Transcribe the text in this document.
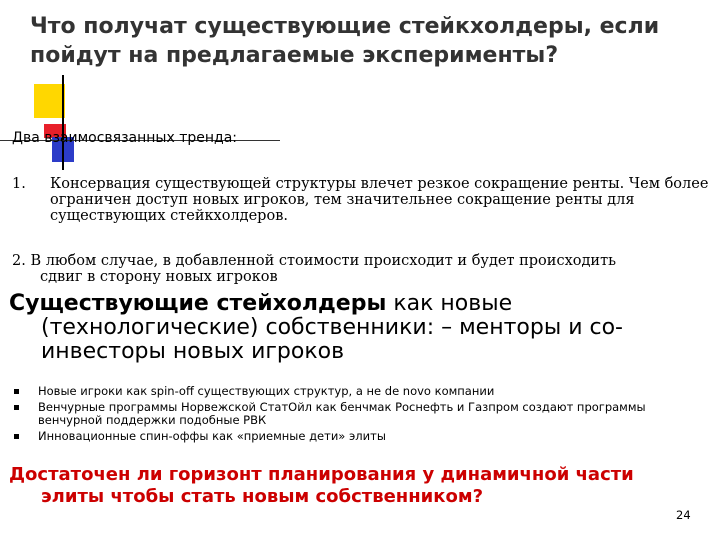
Что получат существующие стейкхолдеры, если пойдут на предлагаемые эксперименты?

Два взаимосвязанных тренда:

1. Консервация существующей структуры влечет резкое сокращение ренты. Чем более ограничен доступ новых игроков, тем значительнее сокращение ренты для существующих стейкхолдеров.
2. В любом случае, в добавленной стоимости происходит и будет происходить
сдвиг в сторону новых игроков

Существующие стейхолдеры как новые
(технологические) собственники: – менторы и со-инвесторы новых игроков

Новые игроки как spin-off существующих структур, а не de novo компании
Венчурные программы Норвежской СтатОйл как бенчмак Роснефть и Газпром создают программы венчурной поддержки подобные РВК
Инновационные спин-оффы как «приемные дети» элиты

Достаточен ли горизонт планирования у динамичной части
элиты чтобы стать новым собственником?

24
